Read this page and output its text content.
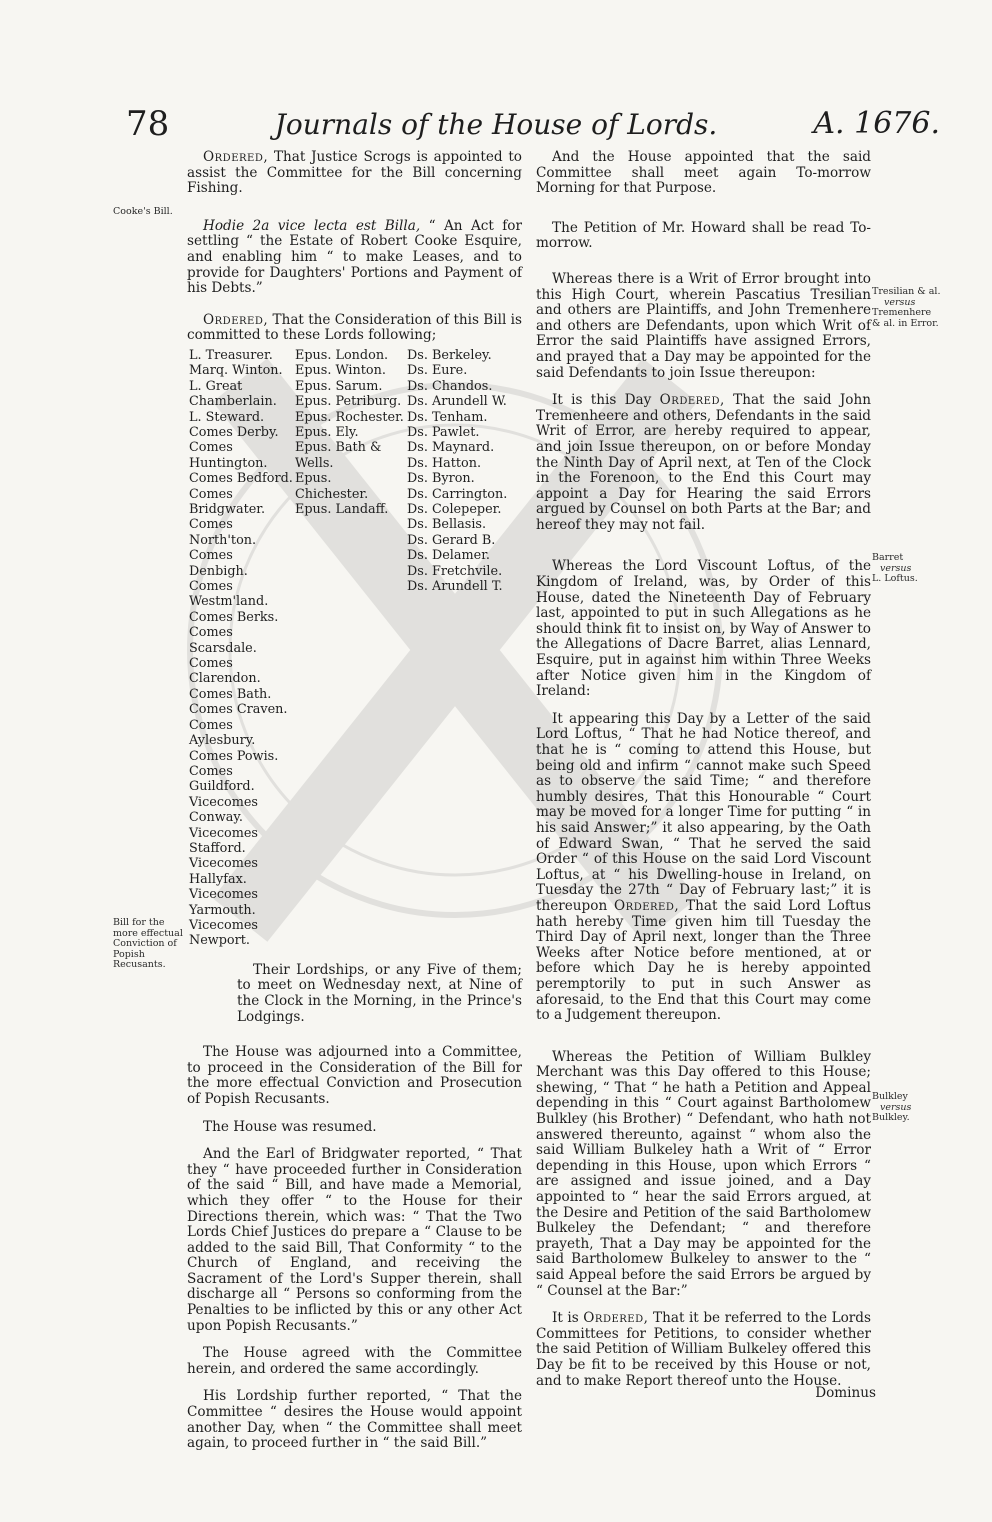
78	Journals of the House of Lords.	A. 1676.
Cooke's Bill.
Bill for the more effectual Conviction of Popish Recusants.
Tresilian & al.
versus
Tremenhere
& al. in Error.
Barret
versus
L. Loftus.
Bulkley
versus
Bulkley.

Ordered, That Justice Scrogs is appointed to assist the Committee for the Bill concerning Fishing.

Hodie 2a vice lecta est Billa, “ An Act for settling “ the Estate of Robert Cooke Esquire, and enabling him “ to make Leases, and to provide for Daughters' Portions and Payment of his Debts.”

Ordered, That the Consideration of this Bill is committed to these Lords following;

L. Treasurer.
Marq. Winton.
L. Great Chamberlain.
L. Steward.
Comes Derby.
Comes Huntington.
Comes Bedford.
Comes Bridgwater.
Comes North'ton.
Comes Denbigh.
Comes Westm'land.
Comes Berks.
Comes Scarsdale.
Comes Clarendon.
Comes Bath.
Comes Craven.
Comes Aylesbury.
Comes Powis.
Comes Guildford.
Vicecomes Conway.
Vicecomes Stafford.
Vicecomes Hallyfax.
Vicecomes Yarmouth.
Vicecomes Newport.

Epus. London.
Epus. Winton.
Epus. Sarum.
Epus. Petriburg.
Epus. Rochester.
Epus. Ely.
Epus. Bath & Wells.
Epus. Chichester.
Epus. Landaff.

Ds. Berkeley.
Ds. Eure.
Ds. Chandos.
Ds. Arundell W.
Ds. Tenham.
Ds. Pawlet.
Ds. Maynard.
Ds. Hatton.
Ds. Byron.
Ds. Carrington.
Ds. Colepeper.
Ds. Bellasis.
Ds. Gerard B.
Ds. Delamer.
Ds. Fretchvile.
Ds. Arundell T.

Their Lordships, or any Five of them; to meet on Wednesday next, at Nine of the Clock in the Morning, in the Prince's Lodgings.

The House was adjourned into a Committee, to proceed in the Consideration of the Bill for the more effectual Conviction and Prosecution of Popish Recusants.

The House was resumed.

And the Earl of Bridgwater reported, “ That they “ have proceeded further in Consideration of the said “ Bill, and have made a Memorial, which they offer “ to the House for their Directions therein, which was: “ That the Two Lords Chief Justices do prepare a “ Clause to be added to the said Bill, That Conformity “ to the Church of England, and receiving the Sacrament of the Lord's Supper therein, shall discharge all “ Persons so conforming from the Penalties to be inflicted by this or any other Act upon Popish Recusants.”

The House agreed with the Committee herein, and ordered the same accordingly.

His Lordship further reported, “ That the Committee “ desires the House would appoint another Day, when “ the Committee shall meet again, to proceed further in “ the said Bill.”

And the House appointed that the said Committee shall meet again To-morrow Morning for that Purpose.

The Petition of Mr. Howard shall be read To-morrow.

Whereas there is a Writ of Error brought into this High Court, wherein Pascatius Tresilian and others are Plaintiffs, and John Tremenhere and others are Defendants, upon which Writ of Error the said Plaintiffs have assigned Errors, and prayed that a Day may be appointed for the said Defendants to join Issue thereupon:

It is this Day Ordered, That the said John Tremenheere and others, Defendants in the said Writ of Error, are hereby required to appear, and join Issue thereupon, on or before Monday the Ninth Day of April next, at Ten of the Clock in the Forenoon, to the End this Court may appoint a Day for Hearing the said Errors argued by Counsel on both Parts at the Bar; and hereof they may not fail.

Whereas the Lord Viscount Loftus, of the Kingdom of Ireland, was, by Order of this House, dated the Nineteenth Day of February last, appointed to put in such Allegations as he should think fit to insist on, by Way of Answer to the Allegations of Dacre Barret, alias Lennard, Esquire, put in against him within Three Weeks after Notice given him in the Kingdom of Ireland:

It appearing this Day by a Letter of the said Lord Loftus, “ That he had Notice thereof, and that he is “ coming to attend this House, but being old and infirm “ cannot make such Speed as to observe the said Time; “ and therefore humbly desires, That this Honourable “ Court may be moved for a longer Time for putting “ in his said Answer;” it also appearing, by the Oath of Edward Swan, “ That he served the said Order “ of this House on the said Lord Viscount Loftus, at “ his Dwelling-house in Ireland, on Tuesday the 27th “ Day of February last;” it is thereupon Ordered, That the said Lord Loftus hath hereby Time given him till Tuesday the Third Day of April next, longer than the Three Weeks after Notice before mentioned, at or before which Day he is hereby appointed peremptorily to put in such Answer as aforesaid, to the End that this Court may come to a Judgement thereupon.

Whereas the Petition of William Bulkley Merchant was this Day offered to this House; shewing, “ That “ he hath a Petition and Appeal depending in this “ Court against Bartholomew Bulkley (his Brother) “ Defendant, who hath not answered thereunto, against “ whom also the said William Bulkeley hath a Writ of “ Error depending in this House, upon which Errors “ are assigned and issue joined, and a Day appointed to “ hear the said Errors argued, at the Desire and Petition of the said Bartholomew Bulkeley the Defendant; “ and therefore prayeth, That a Day may be appointed for the said Bartholomew Bulkeley to answer to the “ said Appeal before the said Errors be argued by “ Counsel at the Bar:”

It is Ordered, That it be referred to the Lords Committees for Petitions, to consider whether the said Petition of William Bulkeley offered this Day be fit to be received by this House or not, and to make Report thereof unto the House.

Dominus
